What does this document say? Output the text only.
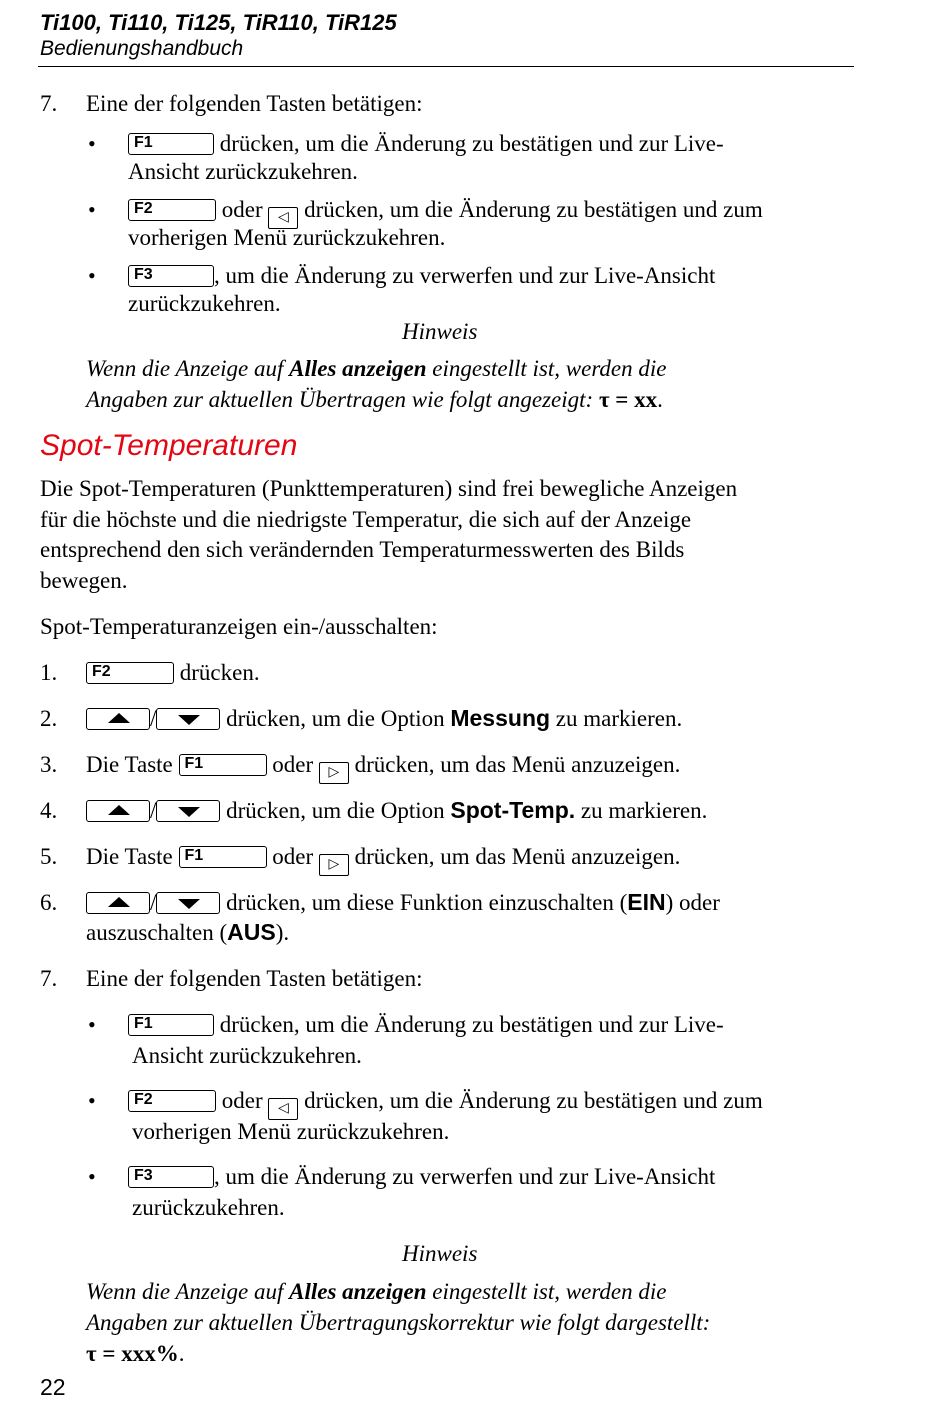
Ti100, Ti110, Ti125, TiR110, TiR125
Bedienungshandbuch
7. Eine der folgenden Tasten betätigen:
• F1	drücken, um die Änderung zu bestätigen und zur Live-
Ansicht zurückzukehren.
• F2	oder ◁ drücken, um die Änderung zu bestätigen und zum
vorherigen Menü zurückzukehren.
• F3	, um die Änderung zu verwerfen und zur Live-Ansicht
zurückzukehren.
Hinweis
Wenn die Anzeige auf Alles anzeigen eingestellt ist, werden die
Angaben zur aktuellen Übertragen wie folgt angezeigt: τ = xx.
Spot-Temperaturen
Die Spot-Temperaturen (Punkttemperaturen) sind frei bewegliche Anzeigen
für die höchste und die niedrigste Temperatur, die sich auf der Anzeige
entsprechend den sich verändernden Temperaturmesswerten des Bilds
bewegen.
Spot-Temperaturanzeigen ein-/ausschalten:
1. F2	drücken.
2.	/	drücken, um die Option Messung zu markieren.
3. Die Taste F1	oder ▷ drücken, um das Menü anzuzeigen.
4.	/	drücken, um die Option Spot-Temp. zu markieren.
5. Die Taste F1	oder ▷ drücken, um das Menü anzuzeigen.
6.	/	drücken, um diese Funktion einzuschalten (EIN) oder
auszuschalten (AUS).
7. Eine der folgenden Tasten betätigen:
• F1	drücken, um die Änderung zu bestätigen und zur Live-
Ansicht zurückzukehren.
• F2	oder ◁ drücken, um die Änderung zu bestätigen und zum
vorherigen Menü zurückzukehren.
• F3	, um die Änderung zu verwerfen und zur Live-Ansicht
zurückzukehren.
Hinweis
Wenn die Anzeige auf Alles anzeigen eingestellt ist, werden die
Angaben zur aktuellen Übertragungskorrektur wie folgt dargestellt:
τ = xxx%.
22
